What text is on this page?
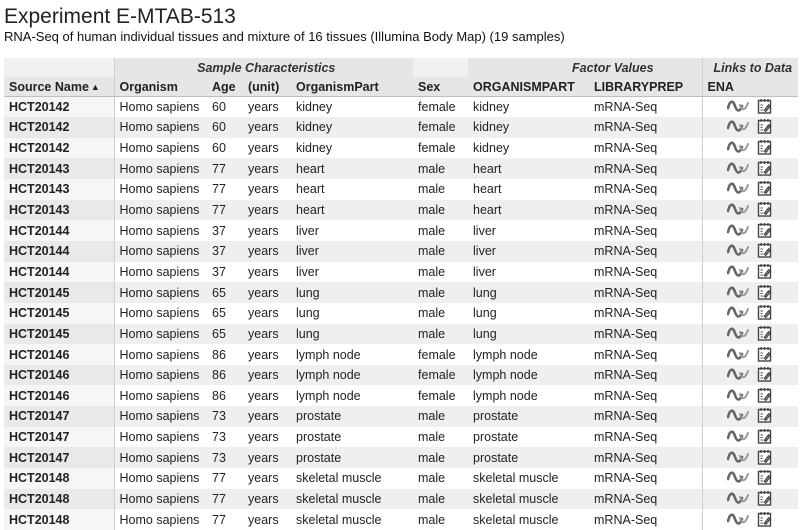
Experiment E-MTAB-513
RNA-Seq of human individual tissues and mixture of 16 tissues (Illumina Body Map) (19 samples)
	Sample Characteristics					Factor Values		Links to Data
Source Name ▲	Organism	Age	(unit)	OrganismPart	Sex	ORGANISMPART	LIBRARYPREP	ENA
HCT20142	Homo sapiens	60	years	kidney	female	kidney	mRNA-Seq	

HCT20142	Homo sapiens	60	years	kidney	female	kidney	mRNA-Seq	

HCT20142	Homo sapiens	60	years	kidney	female	kidney	mRNA-Seq	

HCT20143	Homo sapiens	77	years	heart	male	heart	mRNA-Seq	

HCT20143	Homo sapiens	77	years	heart	male	heart	mRNA-Seq	

HCT20143	Homo sapiens	77	years	heart	male	heart	mRNA-Seq	

HCT20144	Homo sapiens	37	years	liver	male	liver	mRNA-Seq	

HCT20144	Homo sapiens	37	years	liver	male	liver	mRNA-Seq	

HCT20144	Homo sapiens	37	years	liver	male	liver	mRNA-Seq	

HCT20145	Homo sapiens	65	years	lung	male	lung	mRNA-Seq	

HCT20145	Homo sapiens	65	years	lung	male	lung	mRNA-Seq	

HCT20145	Homo sapiens	65	years	lung	male	lung	mRNA-Seq	

HCT20146	Homo sapiens	86	years	lymph node	female	lymph node	mRNA-Seq	

HCT20146	Homo sapiens	86	years	lymph node	female	lymph node	mRNA-Seq	

HCT20146	Homo sapiens	86	years	lymph node	female	lymph node	mRNA-Seq	

HCT20147	Homo sapiens	73	years	prostate	male	prostate	mRNA-Seq	

HCT20147	Homo sapiens	73	years	prostate	male	prostate	mRNA-Seq	

HCT20147	Homo sapiens	73	years	prostate	male	prostate	mRNA-Seq	

HCT20148	Homo sapiens	77	years	skeletal muscle	male	skeletal muscle	mRNA-Seq	

HCT20148	Homo sapiens	77	years	skeletal muscle	male	skeletal muscle	mRNA-Seq	

HCT20148	Homo sapiens	77	years	skeletal muscle	male	skeletal muscle	mRNA-Seq	
